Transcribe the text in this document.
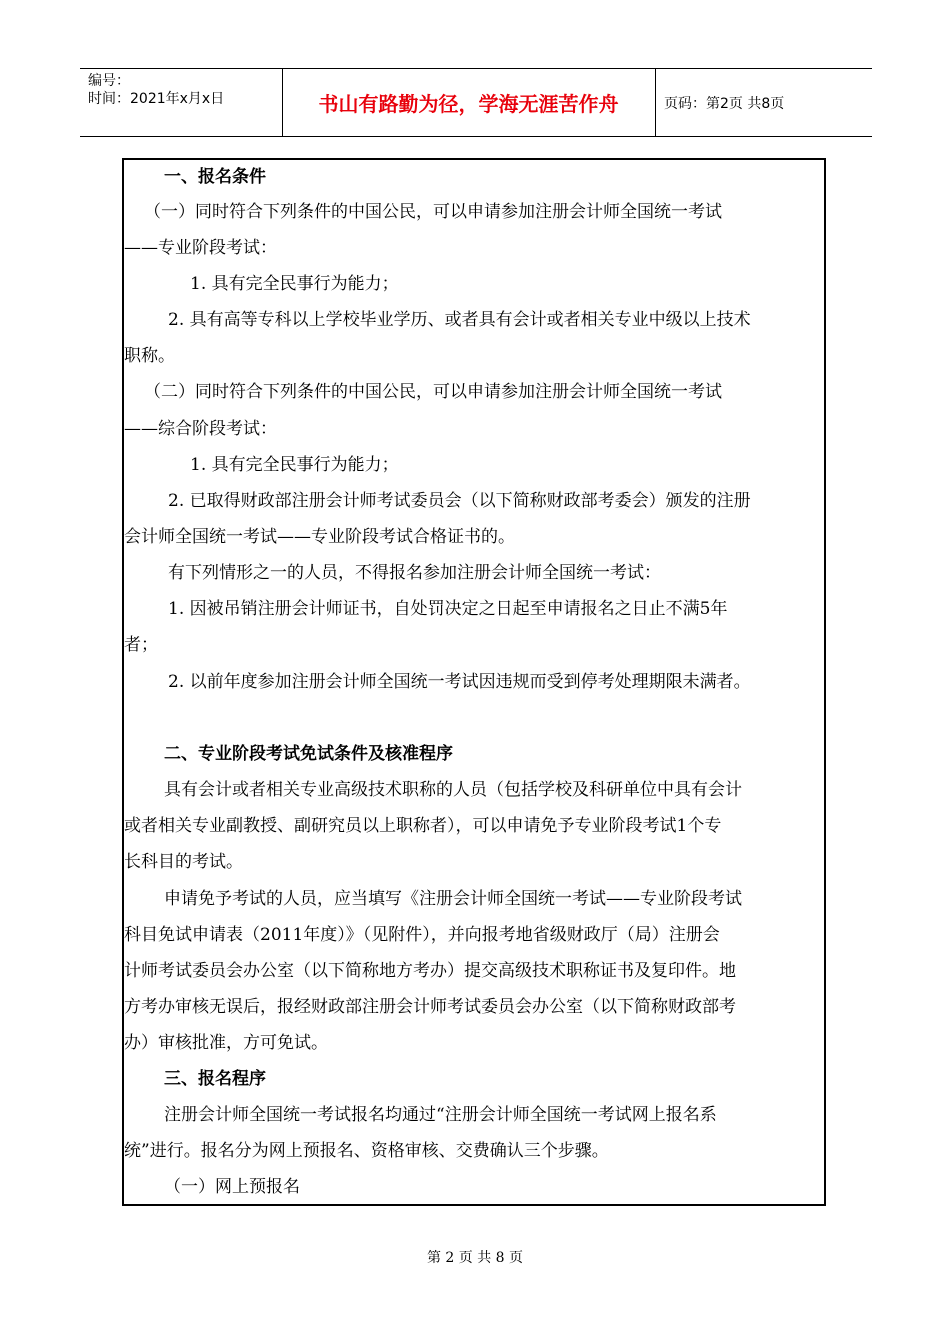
编号：
时间：2021年x月x日	书山有路勤为径，学海无涯苦作舟	页码：第2页 共8页
一、报名条件
（一）同时符合下列条件的中国公民，可以申请参加注册会计师全国统一考试
——专业阶段考试：
1. 具有完全民事行为能力；
2. 具有高等专科以上学校毕业学历、或者具有会计或者相关专业中级以上技术
职称。
（二）同时符合下列条件的中国公民，可以申请参加注册会计师全国统一考试
——综合阶段考试：
1. 具有完全民事行为能力；
2. 已取得财政部注册会计师考试委员会（以下简称财政部考委会）颁发的注册
会计师全国统一考试——专业阶段考试合格证书的。
有下列情形之一的人员，不得报名参加注册会计师全国统一考试：
1. 因被吊销注册会计师证书，自处罚决定之日起至申请报名之日止不满5年
者；
2. 以前年度参加注册会计师全国统一考试因违规而受到停考处理期限未满者。
二、专业阶段考试免试条件及核准程序
具有会计或者相关专业高级技术职称的人员（包括学校及科研单位中具有会计
或者相关专业副教授、副研究员以上职称者），可以申请免予专业阶段考试1个专
长科目的考试。
申请免予考试的人员，应当填写《注册会计师全国统一考试——专业阶段考试
科目免试申请表（2011年度）》（见附件），并向报考地省级财政厅（局）注册会
计师考试委员会办公室（以下简称地方考办）提交高级技术职称证书及复印件。地
方考办审核无误后，报经财政部注册会计师考试委员会办公室（以下简称财政部考
办）审核批准，方可免试。
三、报名程序
注册会计师全国统一考试报名均通过“注册会计师全国统一考试网上报名系
统”进行。报名分为网上预报名、资格审核、交费确认三个步骤。
（一）网上预报名
第 2 页 共 8 页
